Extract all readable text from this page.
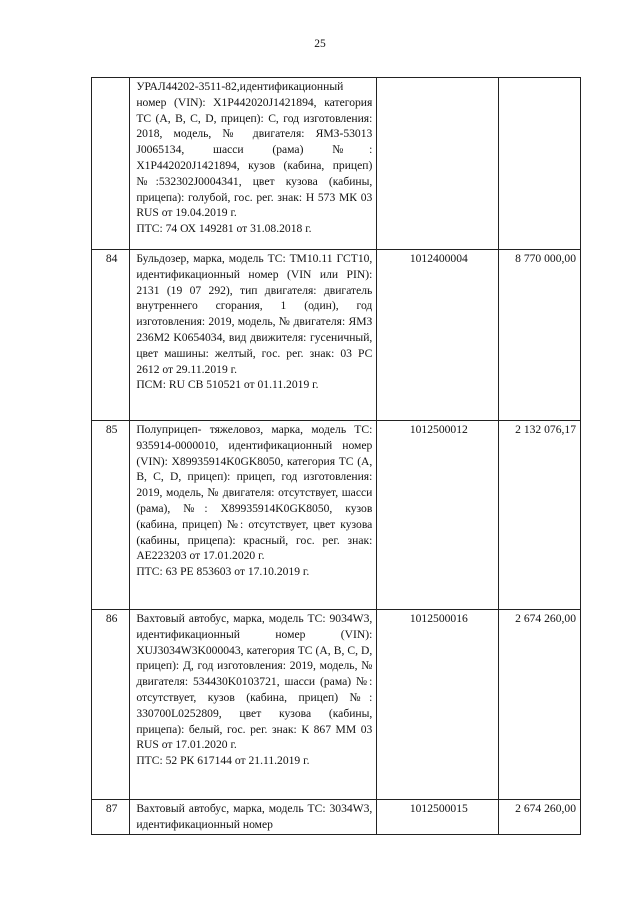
25

	УРАЛ44202-3511-82,идентификационный номер (VIN): X1P442020J1421894, категория ТС (A, B, C, D, прицеп): С, год изготовления: 2018, модель, № двигателя: ЯМЗ-53013 J0065134, шасси (рама) №: X1P442020J1421894, кузов (кабина, прицеп) №:532302J0004341, цвет кузова (кабины, прицепа): голубой, гос. рег. знак: Н 573 МК 03 RUS от 19.04.2019 г.
ПТС: 74 ОХ 149281 от 31.08.2018 г.		

84	Бульдозер, марка, модель ТС: ТМ10.11 ГСТ10, идентификационный номер (VIN или PIN): 2131 (19 07 292), тип двигателя: двигатель внутреннего сгорания, 1 (один), год изготовления: 2019, модель, № двигателя: ЯМЗ 236М2 K0654034, вид движителя: гусеничный, цвет машины: желтый, гос. рег. знак: 03 РС 2612 от 29.11.2019 г.
ПСМ: RU СВ 510521 от 01.11.2019 г.	1012400004	8 770 000,00
85	Полуприцеп- тяжеловоз, марка, модель ТС: 935914-0000010, идентификационный номер (VIN): X89935914K0GK8050, категория ТС (A, B, C, D, прицеп): прицеп, год изготовления: 2019, модель, № двигателя: отсутствует, шасси (рама), №: X89935914K0GK8050, кузов (кабина, прицеп) №: отсутствует, цвет кузова (кабины, прицепа): красный, гос. рег. знак: АЕ223203 от 17.01.2020 г.
ПТС: 63 РЕ 853603 от 17.10.2019 г.	1012500012	2 132 076,17
86	Вахтовый автобус, марка, модель ТС: 9034W3, идентификационный номер (VIN): XUJ3034W3K000043, категория ТС (A, B, C, D, прицеп): Д, год изготовления: 2019, модель, № двигателя: 534430K0103721, шасси (рама) №: отсутствует, кузов (кабина, прицеп) №: 330700L0252809, цвет кузова (кабины, прицепа): белый, гос. рег. знак: К 867 ММ 03 RUS от 17.01.2020 г.
ПТС: 52 РК 617144 от 21.11.2019 г.	1012500016	2 674 260,00
87	Вахтовый автобус, марка, модель ТС: 3034W3, идентификационный номер	1012500015	2 674 260,00
